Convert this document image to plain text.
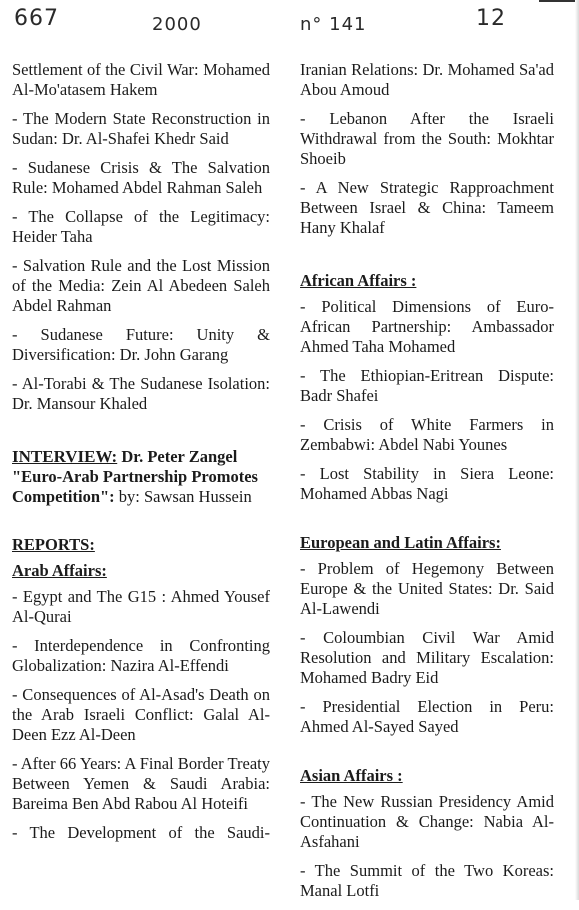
667	2000	n° 141	12
Settlement of the Civil War: Mohamed Al-Mo'atasem Hakem
- The Modern State Reconstruction in Sudan: Dr. Al-Shafei Khedr Said
- Sudanese Crisis & The Salvation Rule: Mohamed Abdel Rahman Saleh
- The Collapse of the Legitimacy: Heider Taha
- Salvation Rule and the Lost Mission of the Media: Zein Al Abedeen Saleh Abdel Rahman
- Sudanese Future: Unity & Diversification: Dr. John Garang
- Al-Torabi & The Sudanese Isolation: Dr. Mansour Khaled
INTERVIEW: Dr. Peter Zangel "Euro-Arab Partnership Promotes Competition": by: Sawsan Hussein
REPORTS:
Arab Affairs:
- Egypt and The G15 : Ahmed Yousef Al-Qurai
- Interdependence in Confronting Globalization: Nazira Al-Effendi
- Consequences of Al-Asad's Death on the Arab Israeli Conflict: Galal Al-Deen Ezz Al-Deen
- After 66 Years: A Final Border Treaty Between Yemen & Saudi Arabia: Bareima Ben Abd Rabou Al Hoteifi
- The Development of the Saudi-
Iranian Relations: Dr. Mohamed Sa'ad Abou Amoud
- Lebanon After the Israeli Withdrawal from the South: Mokhtar Shoeib
- A New Strategic Rapproachment Between Israel & China: Tameem Hany Khalaf
African Affairs :
- Political Dimensions of Euro-African Partnership: Ambassador Ahmed Taha Mohamed
- The Ethiopian-Eritrean Dispute: Badr Shafei
- Crisis of White Farmers in Zembabwi: Abdel Nabi Younes
- Lost Stability in Siera Leone: Mohamed Abbas Nagi
European and Latin Affairs:
- Problem of Hegemony Between Europe & the United States: Dr. Said Al-Lawendi
- Coloumbian Civil War Amid Resolution and Military Escalation: Mohamed Badry Eid
- Presidential Election in Peru: Ahmed Al-Sayed Sayed
Asian Affairs :
- The New Russian Presidency Amid Continuation & Change: Nabia Al-Asfahani
- The Summit of the Two Koreas: Manal Lotfi
